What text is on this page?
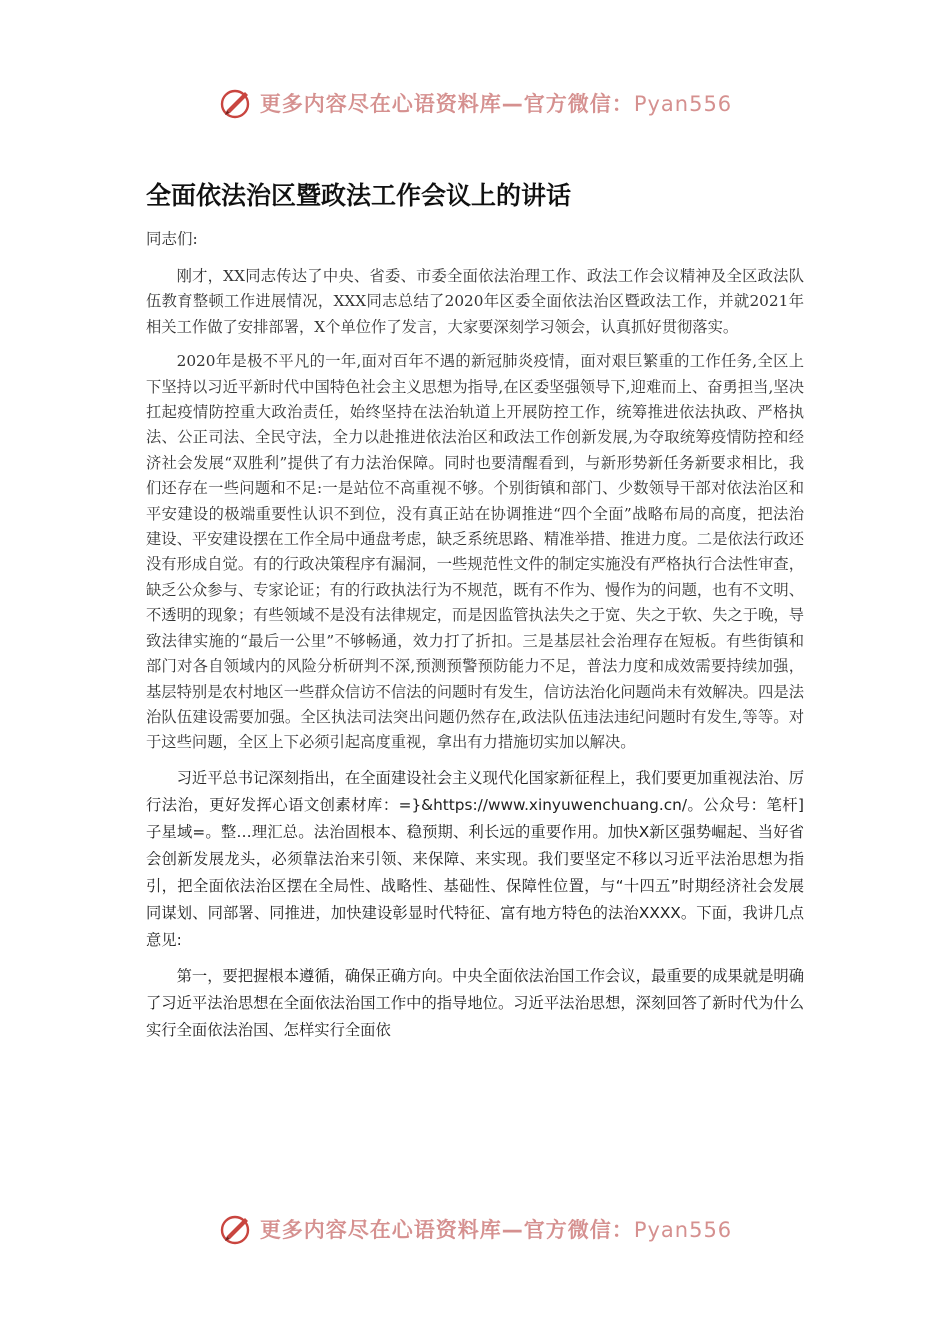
更多内容尽在心语资料库—官方微信：Pyan556
全面依法治区暨政法工作会议上的讲话

同志们:

刚才，XX同志传达了中央、省委、市委全面依法治理工作、政法工作会议精神及全区政法队伍教育整顿工作进展情况，XXX同志总结了2020年区委全面依法治区暨政法工作，并就2021年相关工作做了安排部署，X个单位作了发言，大家要深刻学习领会，认真抓好贯彻落实。

2020年是极不平凡的一年,面对百年不遇的新冠肺炎疫情，面对艰巨繁重的工作任务,全区上下坚持以习近平新时代中国特色社会主义思想为指导,在区委坚强领导下,迎难而上、奋勇担当,坚决扛起疫情防控重大政治责任，始终坚持在法治轨道上开展防控工作，统筹推进依法执政、严格执法、公正司法、全民守法，全力以赴推进依法治区和政法工作创新发展,为夺取统筹疫情防控和经济社会发展“双胜利”提供了有力法治保障。同时也要清醒看到，与新形势新任务新要求相比，我们还存在一些问题和不足:一是站位不高重视不够。个别街镇和部门、少数领导干部对依法治区和平安建设的极端重要性认识不到位，没有真正站在协调推进“四个全面”战略布局的高度，把法治建设、平安建设摆在工作全局中通盘考虑，缺乏系统思路、精准举措、推进力度。二是依法行政还没有形成自觉。有的行政决策程序有漏洞，一些规范性文件的制定实施没有严格执行合法性审查，缺乏公众参与、专家论证；有的行政执法行为不规范，既有不作为、慢作为的问题，也有不文明、不透明的现象；有些领域不是没有法律规定，而是因监管执法失之于宽、失之于软、失之于晚，导致法律实施的“最后一公里”不够畅通，效力打了折扣。三是基层社会治理存在短板。有些街镇和部门对各自领域内的风险分析研判不深,预测预警预防能力不足，普法力度和成效需要持续加强，基层特别是农村地区一些群众信访不信法的问题时有发生，信访法治化问题尚未有效解决。四是法治队伍建设需要加强。全区执法司法突出问题仍然存在,政法队伍违法违纪问题时有发生,等等。对于这些问题，全区上下必须引起高度重视，拿出有力措施切实加以解决。

习近平总书记深刻指出，在全面建设社会主义现代化国家新征程上，我们要更加重视法治、厉行法治，更好发挥心语文创素材库：=}&https://www.xinyuwenchuang.cn/。公众号：笔杆]子星域=。整…理汇总。法治固根本、稳预期、利长远的重要作用。加快X新区强势崛起、当好省会创新发展龙头，必须靠法治来引领、来保障、来实现。我们要坚定不移以习近平法治思想为指引，把全面依法治区摆在全局性、战略性、基础性、保障性位置，与“十四五”时期经济社会发展同谋划、同部署、同推进，加快建设彰显时代特征、富有地方特色的法治XXXX。下面，我讲几点意见:

第一，要把握根本遵循，确保正确方向。中央全面依法治国工作会议，最重要的成果就是明确了习近平法治思想在全面依法治国工作中的指导地位。习近平法治思想，深刻回答了新时代为什么实行全面依法治国、怎样实行全面依

更多内容尽在心语资料库—官方微信：Pyan556
